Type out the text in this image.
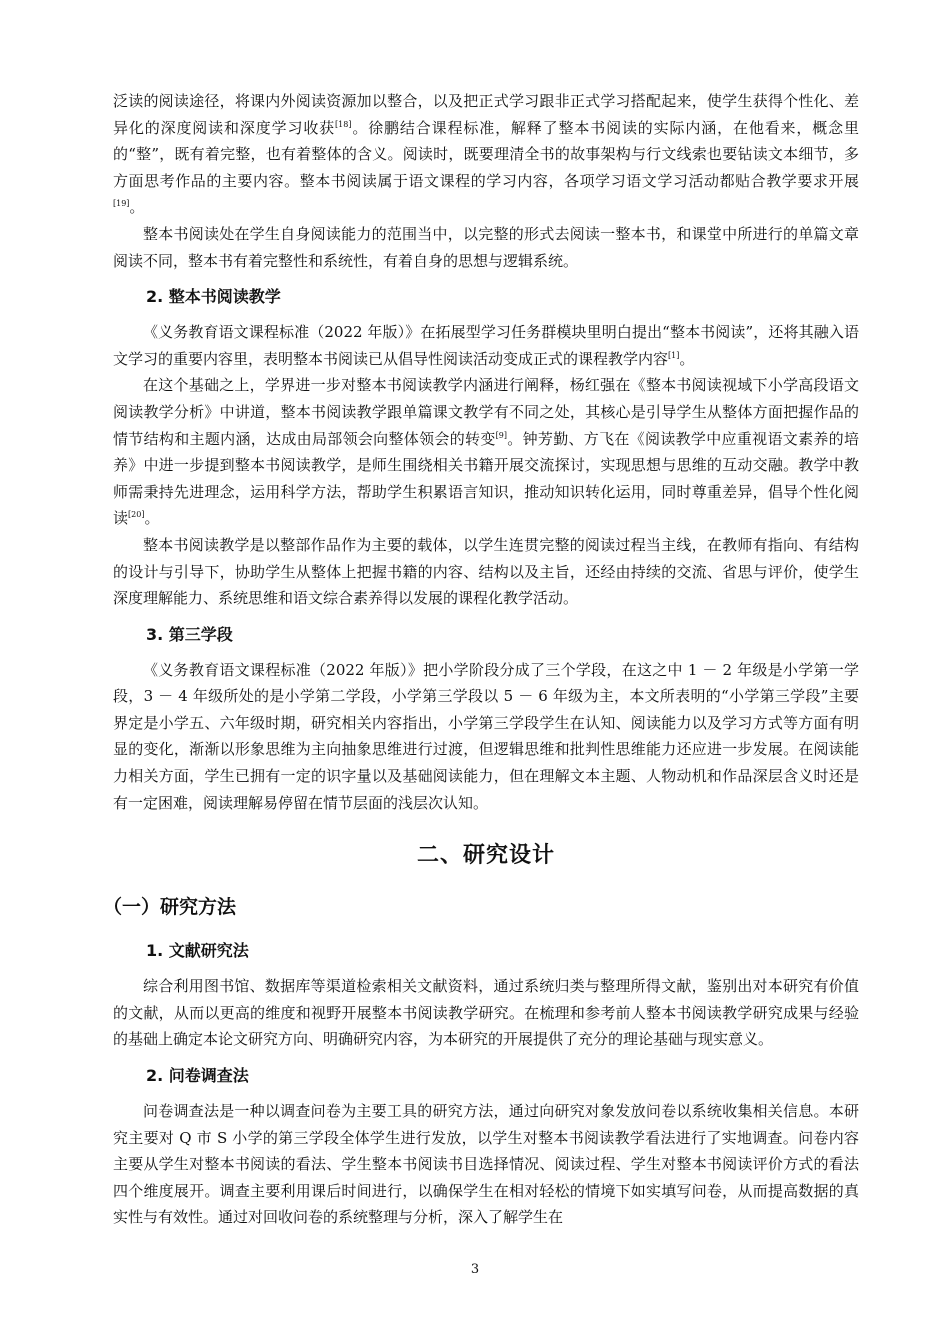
泛读的阅读途径，将课内外阅读资源加以整合，以及把正式学习跟非正式学习搭配起来，使学生获得个性化、差异化的深度阅读和深度学习收获[18]。徐鹏结合课程标准，解释了整本书阅读的实际内涵，在他看来，概念里的“整”，既有着完整，也有着整体的含义。阅读时，既要理清全书的故事架构与行文线索也要钻读文本细节，多方面思考作品的主要内容。整本书阅读属于语文课程的学习内容，各项学习语文学习活动都贴合教学要求开展[19]。

整本书阅读处在学生自身阅读能力的范围当中，以完整的形式去阅读一整本书，和课堂中所进行的单篇文章阅读不同，整本书有着完整性和系统性，有着自身的思想与逻辑系统。

2. 整本书阅读教学

《义务教育语文课程标准（2022 年版）》在拓展型学习任务群模块里明白提出“整本书阅读”，还将其融入语文学习的重要内容里，表明整本书阅读已从倡导性阅读活动变成正式的课程教学内容[1]。

在这个基础之上，学界进一步对整本书阅读教学内涵进行阐释，杨红强在《整本书阅读视域下小学高段语文阅读教学分析》中讲道，整本书阅读教学跟单篇课文教学有不同之处，其核心是引导学生从整体方面把握作品的情节结构和主题内涵，达成由局部领会向整体领会的转变[9]。钟芳勤、方飞在《阅读教学中应重视语文素养的培养》中进一步提到整本书阅读教学，是师生围绕相关书籍开展交流探讨，实现思想与思维的互动交融。教学中教师需秉持先进理念，运用科学方法，帮助学生积累语言知识，推动知识转化运用，同时尊重差异，倡导个性化阅读[20]。

整本书阅读教学是以整部作品作为主要的载体，以学生连贯完整的阅读过程当主线，在教师有指向、有结构的设计与引导下，协助学生从整体上把握书籍的内容、结构以及主旨，还经由持续的交流、省思与评价，使学生深度理解能力、系统思维和语文综合素养得以发展的课程化教学活动。

3. 第三学段

《义务教育语文课程标准（2022 年版）》把小学阶段分成了三个学段，在这之中 1 － 2 年级是小学第一学段，3 － 4 年级所处的是小学第二学段，小学第三学段以 5 － 6 年级为主，本文所表明的“小学第三学段”主要界定是小学五、六年级时期，研究相关内容指出，小学第三学段学生在认知、阅读能力以及学习方式等方面有明显的变化，渐渐以形象思维为主向抽象思维进行过渡，但逻辑思维和批判性思维能力还应进一步发展。在阅读能力相关方面，学生已拥有一定的识字量以及基础阅读能力，但在理解文本主题、人物动机和作品深层含义时还是有一定困难，阅读理解易停留在情节层面的浅层次认知。

二、研究设计
（一）研究方法
1. 文献研究法

综合利用图书馆、数据库等渠道检索相关文献资料，通过系统归类与整理所得文献，鉴别出对本研究有价值的文献，从而以更高的维度和视野开展整本书阅读教学研究。在梳理和参考前人整本书阅读教学研究成果与经验的基础上确定本论文研究方向、明确研究内容，为本研究的开展提供了充分的理论基础与现实意义。

2. 问卷调查法

问卷调查法是一种以调查问卷为主要工具的研究方法，通过向研究对象发放问卷以系统收集相关信息。本研究主要对 Q 市 S 小学的第三学段全体学生进行发放，以学生对整本书阅读教学看法进行了实地调查。问卷内容主要从学生对整本书阅读的看法、学生整本书阅读书目选择情况、阅读过程、学生对整本书阅读评价方式的看法四个维度展开。调查主要利用课后时间进行，以确保学生在相对轻松的情境下如实填写问卷，从而提高数据的真实性与有效性。通过对回收问卷的系统整理与分析，深入了解学生在

3
